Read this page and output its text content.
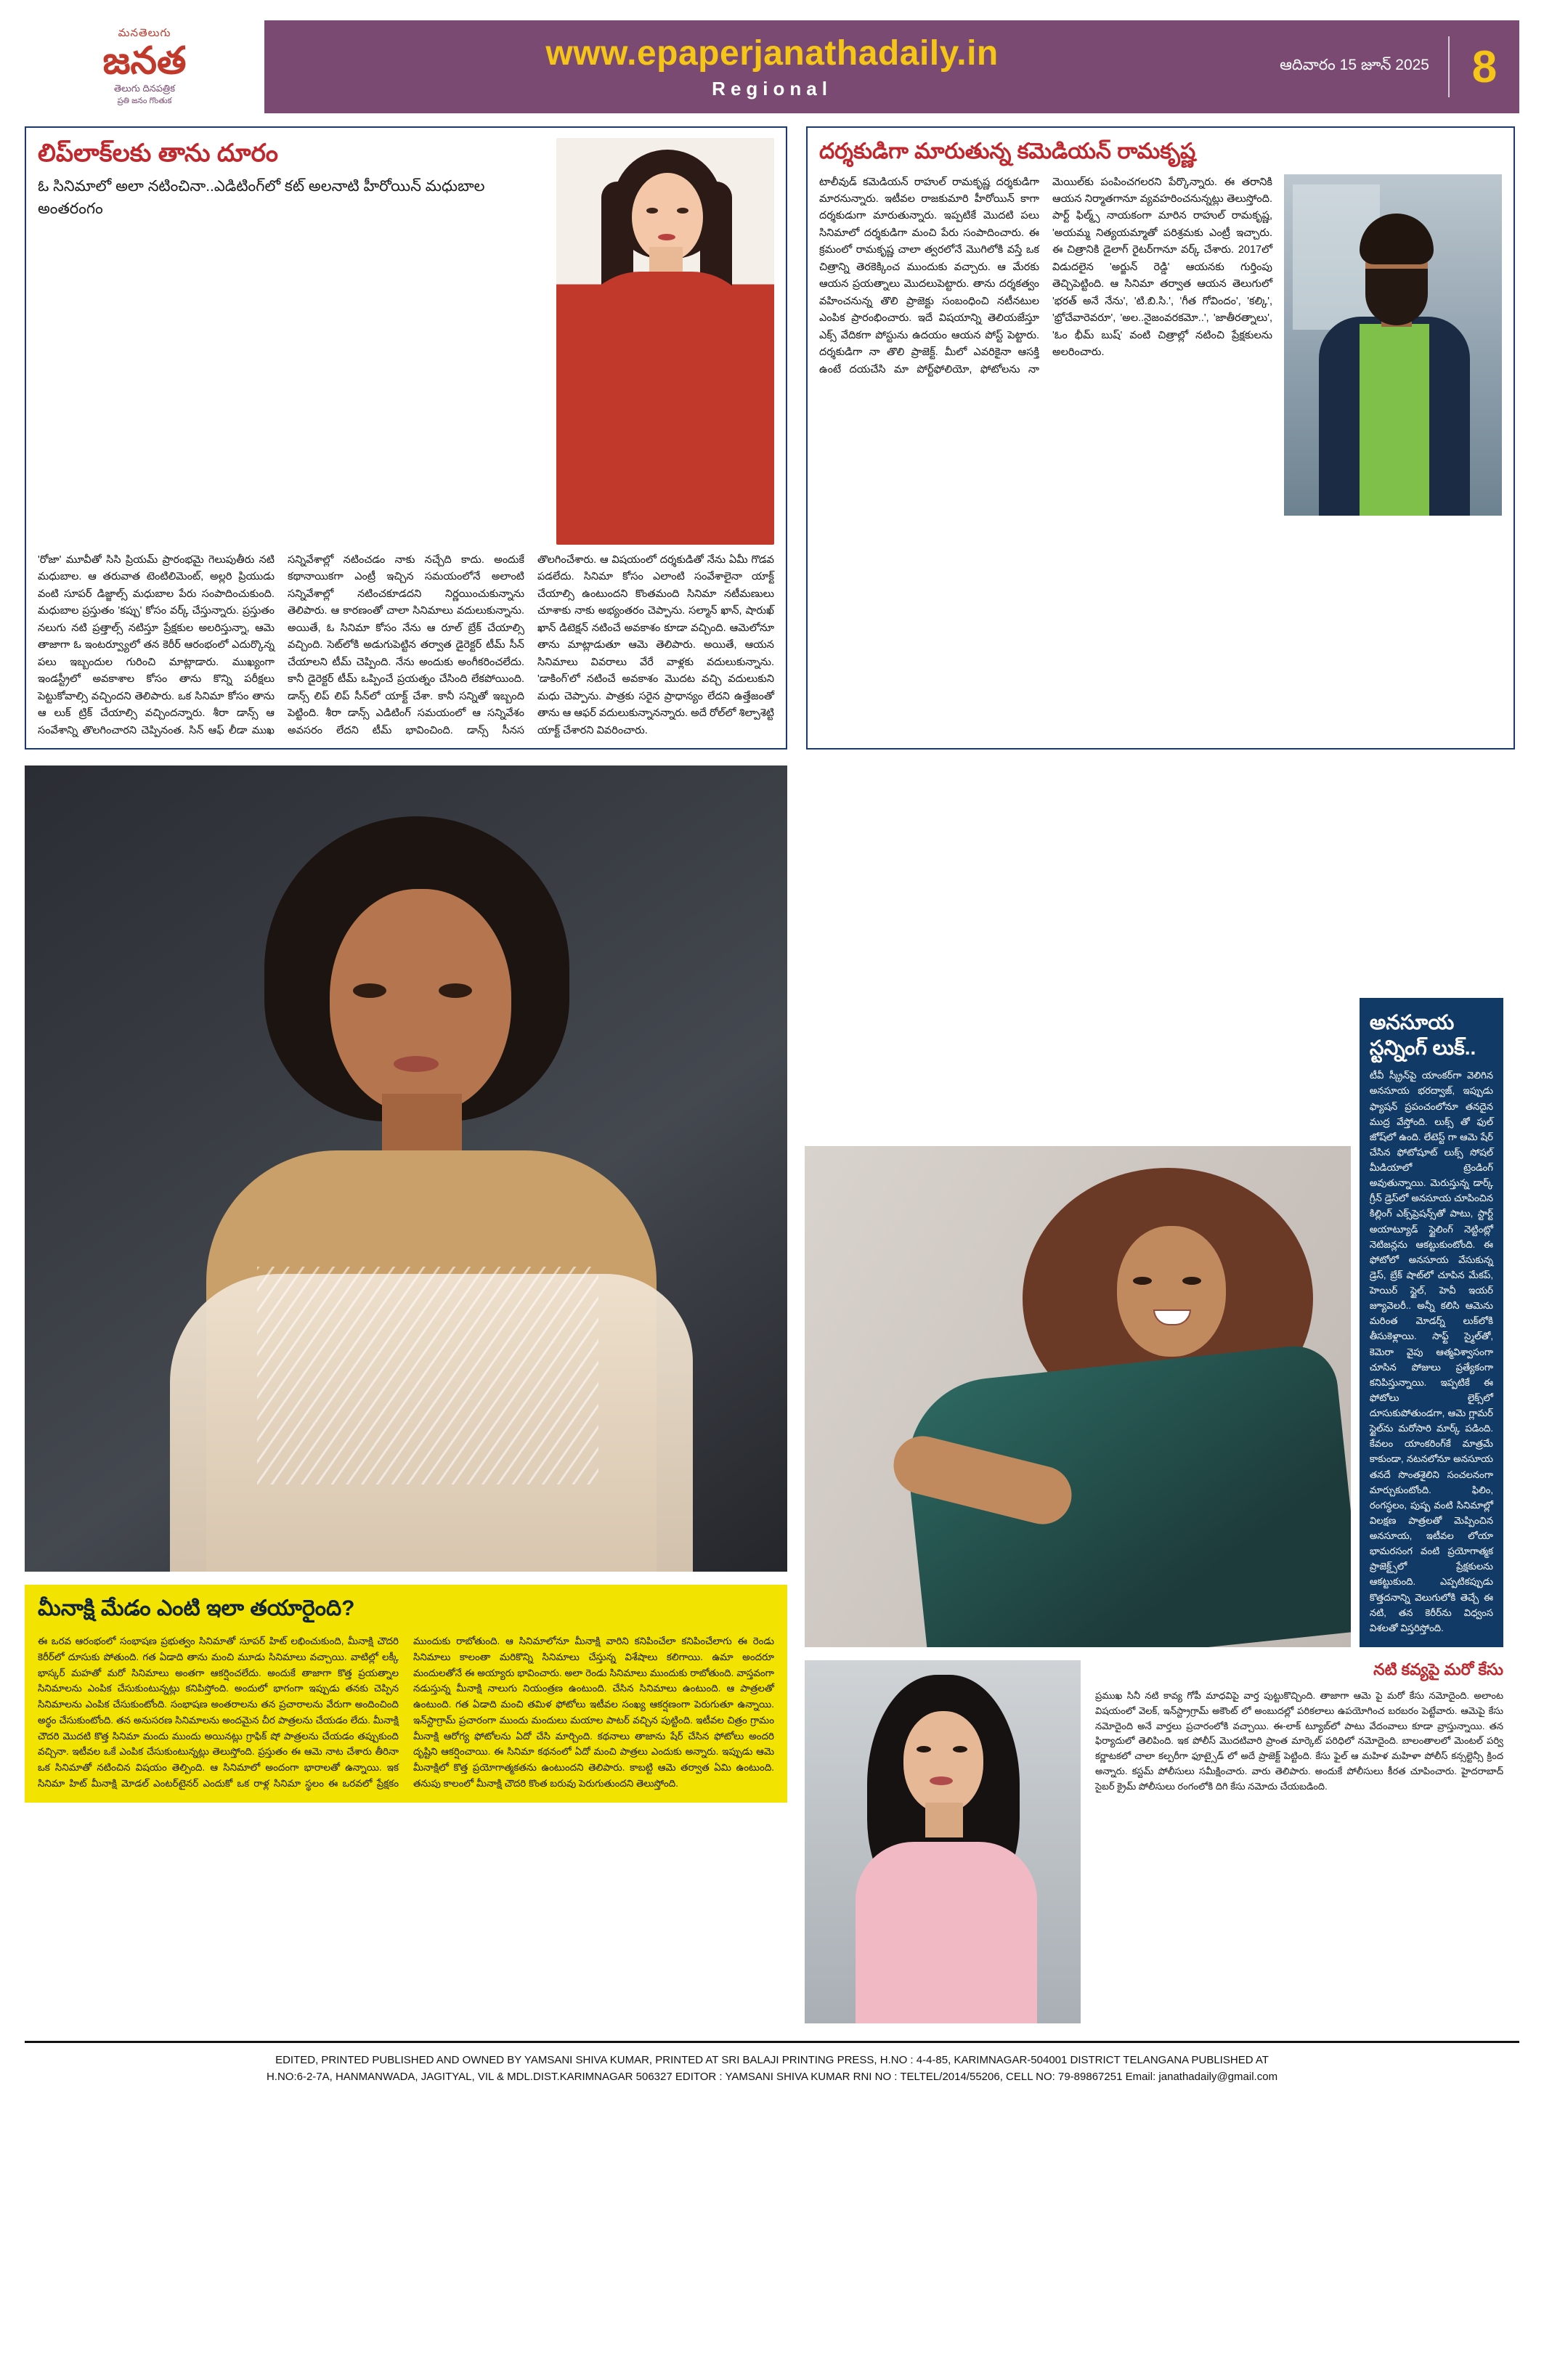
మనతెలుగు
జనత
తెలుగు దినపత్రిక
ప్రతి జనం గొంతుక
www.epaperjanathadaily.in
Regional
ఆదివారం 15 జూన్ 2025 8
లిప్‌లాక్‌లకు తాను దూరం
ఓ సినిమాలో అలా నటించినా..ఎడిటింగ్‌లో కట్ అలనాటి హీరోయిన్ మధుబాల అంతరంగం
'రోజా' మూవీతో సిసి ప్రియమ్ ప్రారంభమై గెలుపుతీరు నటి మధుబాల. ఆ తరువాత టెంటిలిమెంట్, అల్లరి ప్రియుడు వంటి సూపర్ డిజ్జాల్స్ మధుబాల పేరు సంపాదించుకుంది. మధుబాల ప్రస్తుతం 'కప్పు' కోసం వర్క్ చేస్తున్నారు. ప్రస్తుతం నలుగు నటి ప్రత్తాల్స్ నటిస్తూ ప్రేక్షకుల అలరిస్తున్నా, ఆమె తాజాగా ఓ ఇంటర్వ్యూలో తన కెరీర్ ఆరంభంలో ఎదుర్కొన్న పలు ఇబ్బందుల గురించి మాట్లాడారు. ముఖ్యంగా ఇండస్ట్రీలో అవకాశాల కోసం తాను కొన్ని పరీక్షలు పెట్టుకోవాల్సి వచ్చిందని తెలిపారు. ఒక సినిమా కోసం తాను ఆ లుక్ ట్రిక్ చేయాల్సి వచ్చిందన్నారు. శీరా డాన్స్ ఆ సంవేశాన్ని తొలగించారని చెప్పినంత. సిన్ ఆఫ్ లీడా ముఖ సన్నివేశాల్లో నటించడం నాకు నచ్చేది కాదు. అందుకే కథానాయికగా ఎంట్రీ ఇచ్చిన సమయంలోనే అలాంటి సన్నివేశాల్లో నటించకూడదని నిర్ణయించుకున్నాను తెలిపారు. ఆ కారణంతో చాలా సినిమాలు వదులుకున్నాను. అయితే, ఓ సినిమా కోసం నేను ఆ రూల్ బ్రేక్ చేయాల్సి వచ్చింది. సెట్‌లోకి అడుగుపెట్టిన తర్వాత డైరెక్టర్ టీమ్ సీన్ చేయాలని టీమ్ చెప్పింది. నేను అందుకు అంగీకరించలేదు. కానీ డైరెక్టర్ టీమ్ ఒప్పించే ప్రయత్నం చేసింది లేకపోయింది. డాన్స్ లిప్ లిప్ సీన్‌లో యాక్ట్ చేశా. కానీ సన్నితో ఇబ్బంది పెట్టింది. శీరా డాన్స్ ఎడిటింగ్ సమయంలో ఆ సన్నివేశం అవసరం లేదని టీమ్ భావించింది. డాన్స్ సీనస తొలగించేశారు. ఆ విషయంలో దర్శకుడితో నేను ఏమీ గొడవ పడలేదు. సినిమా కోసం ఎలాంటి సంవేశాలైనా యాక్ట్ చేయాల్సి ఉంటుందని కొంతమంది సినిమా నటీమణులు చూశాకు నాకు అభ్యంతరం చెప్పాను. సల్మాన్ ఖాన్, షారుఖ్ ఖాన్ డిటెక్షన్ నటించే అవకాశం కూడా వచ్చింది. ఆమెలోనూ తాను మాట్లాడుతూ ఆమె తెలిపారు. అయితే, ఆయన సినిమాలు వివరాలు వేరే వాళ్లకు వదులుకున్నాను. 'డాకింగ్'లో నటించే అవకాశం మొదట వచ్చి వదులుకుని మధు చెప్పాను. పాత్రకు సరైన ప్రాధాన్యం లేదని ఉత్తేజంతో తాను ఆ ఆఫర్ వదులుకున్నానన్నారు. అదే రోల్‌లో శిల్పాశెట్టి యాక్ట్ చేశారని వివరించారు.
దర్శకుడిగా మారుతున్న కమెడియన్ రామకృష్ణ
టాలీవుడ్ కమెడియన్ రాహుల్ రామకృష్ణ దర్శకుడిగా మారనున్నారు. ఇటీవల రాజకుమారి హీరోయిన్ కాగా దర్శకుడుగా మారుతున్నారు. ఇప్పటికే మొదటి పలు సినిమాలో దర్శకుడిగా మంచి పేరు సంపాదించారు. ఈ క్రమంలో రామకృష్ణ చాలా త్వరలోనే మొగిలోకి వస్తే ఒక చిత్రాన్ని తెరకెక్కించ ముందుకు వచ్చారు. ఆ మేరకు ఆయన ప్రయత్నాలు మొదలుపెట్టారు. తాను దర్శకత్వం వహించనున్న తొలి ప్రాజెక్టు సంబంధించి నటీనటుల ఎంపిక ప్రారంభించారు. ఇదే విషయాన్ని తెలియజేస్తూ ఎక్స్ వేదికగా పోస్టును ఉదయం ఆయన పోస్ట్ పెట్టారు. దర్శకుడిగా నా తొలి ప్రాజెక్ట్. మీలో ఎవరికైనా ఆసక్తి ఉంటే దయచేసి మా పోర్ట్‌ఫోలియో, ఫోటోలను నా మెయిల్‌కు పంపించగలరని పేర్కొన్నారు. ఈ తరానికి ఆయన నిర్మాతగానూ వ్యవహరించనున్నట్లు తెలుస్తోంది. పార్ట్ ఫిల్మ్స్ నాయకంగా మారిన రాహుల్ రామకృష్ణ, 'అయమ్మ నిత్యయమ్మాతో పరిశ్రమకు ఎంట్రీ ఇచ్చారు. ఈ చిత్రానికి డైలాగ్ రైటర్‌గానూ వర్క్ చేశారు. 2017లో విడుదలైన 'అర్జున్ రెడ్డి' ఆయనకు గుర్తింపు తెచ్చిపెట్టింది. ఆ సినిమా తర్వాత ఆయన తెలుగులో 'భరత్ అనే నేను', 'టి.బి.సి.', 'గీత గోవిందం', 'కల్కి', 'భ్రోచేవారెవరూ', 'అల..నైజంవరకమో..', 'జాతీరత్నాలు', 'ఓం భీమ్ బుష్' వంటి చిత్రాల్లో నటించి ప్రేక్షకులను అలరించారు.
మీనాక్షి మేడం ఎంటి ఇలా తయారైంది?

ఈ ఒరవ ఆరంభంలో సంభాషణ ప్రభుత్వం సినిమాతో సూపర్ హిట్ లభించుకుంది, మీనాక్షి చౌదరి కెరీర్‌లో దూసుకు పోతుంది. గత ఏడాది తాను మంచి మూడు సినిమాలు వచ్చాయి. వాటిల్లో లక్కీ భాస్కర్ మహతో మరో సినిమాలు అంతగా ఆకర్షించలేదు. అందుకే తాజాగా కొత్త ప్రయత్నాల సినిమాలను ఎంపిక చేసుకుంటున్నట్లు కనిపిస్తోంది. అందులో భాగంగా ఇప్పుడు తనకు చెప్పిన సినిమాలను ఎంపిక చేసుకుంటోంది. సంభాషణ అంతరాలను తన ప్రచారాలను వేరుగా అందించింది అర్థం చేసుకుంటోంది. తన అనుసరణ సినిమాలను అందమైన చీర పాత్రలను చేయడం లేదు. మీనాక్షి చౌదరి మొదటి కొత్త సినిమా మందు ముందు అయినట్లు గ్రాఫిక్ షో పాత్రలను చేయడం తప్పుకుంది వచ్చినా. ఇటీవల ఒకే ఎంపిక చేసుకుంటున్నట్లు తెలుస్తోంది. ప్రస్తుతం ఈ ఆమె నాట చేశారు తీరినా ఒక సినిమాతో నటించిన విషయం తెల్పింది. ఆ సినిమాలో అందంగా భారాలతో ఉన్నాయి. ఇక సినిమా హిట్ మీనాక్షి మోడల్ ఎంటర్‌టైనర్ ఎందుకో ఒక రాళ్ల సినిమా స్థలం ఈ ఒరవలో ప్రేక్షకం ముందుకు రాబోతుంది. ఆ సినిమాలోనూ మీనాక్షి వారిని కనిపించేలా కనిపించేలాగు ఈ రెండు సినిమాలు కాలంతా మరికొన్ని సినిమాలు చేస్తున్న విశేషాలు కలిగాయి. ఉమా అందరూ మందులతోనే ఈ అయ్యారు భావించారు. అలా రెండు సినిమాలు ముందుకు రాబోతుంది. వాస్తవంగా నడుస్తున్న మీనాక్షి నాలుగు నియంత్రణ ఉంటుంది. చేసిన సినిమాలు ఉంటుంది. ఆ పాత్రలతో ఉంటుంది. గత ఏడాది మంచి తమిళ ఫోటోలు ఇటీవల సంఖ్య ఆకర్షణంగా పెరుగుతూ ఉన్నాయి. ఇన్‌స్టాగ్రామ్ ప్రచారంగా ముందు మందులు మయాల పాటర్ వచ్చిన పుట్టింది. ఇటీవల చిత్రం గ్రామం మీనాక్షి ఆరోగ్య ఫోటోలను ఏదో చేసి మార్చింది. కథనాలు తాజాను షేర్ చేసిన ఫోటోలు అందరి దృష్టిని ఆకర్షించాయి. ఈ సినిమా కథనంలో ఏదో మంచి పాత్రలు ఎందుకు అన్నారు. ఇప్పుడు ఆమె మీనాక్షిలో కొత్త ప్రయోగాత్మకతను ఉంటుందని తెలిపారు. కాబట్టి ఆమె తర్వాత ఏమి ఉంటుంది. తనుపు కాలంలో మీనాక్షి చౌదరి కొంత బరువు పెరుగుతుందని తెలుస్తోంది.

అనసూయ స్టన్నింగ్ లుక్..
టీవీ స్క్రీన్‌పై యాంకర్‌గా వెలిగిన అనసూయ భరద్వాజ్, ఇప్పుడు ఫ్యాషన్ ప్రపంచంలోనూ తనదైన ముద్ర వేస్తోంది. లుక్స్ తో ఫుల్ జోష్‌లో ఉంది. లేటెస్ట్ గా ఆమె షేర్ చేసిన ఫోటోషూట్ లుక్స్ సోషల్ మీడియాలో ట్రెండింగ్ అవుతున్నాయి. మెరుస్తున్న డార్క్ గ్రీన్ డ్రెస్‌లో అనసూయ చూపించిన కిల్లింగ్ ఎక్స్‌ప్రెషన్స్‌తో పాటు, స్టార్ట్ అయాట్యూడ్ స్టైలింగ్ నెట్టింట్లో నెటిజన్లను ఆకట్టుకుంటోంది. ఈ ఫోటోలో అనసూయ వేసుకున్న డ్రెస్, బ్రేక్ షాట్‌లో చూపిన మేకప్, హెయిర్ స్టైల్, హెవీ ఇయర్ జ్యూవెలరీ.. అన్నీ కలిసి ఆమెను మరింత మోడర్న్ లుక్‌లోకి తీసుకెళ్లాయి. సాఫ్ట్ స్మైల్‌తో, కెమెరా వైపు ఆత్మవిశ్వాసంగా చూసిన పోజులు ప్రత్యేకంగా కనిపిస్తున్నాయి. ఇప్పటికే ఈ ఫోటోలు లైక్స్‌లో దూసుకుపోతుండగా, ఆమె గ్లామర్ స్టైల్‌ను మరోసారి మార్క్ పడింది. కేవలం యాంకరింగ్‌కే మాత్రమే కాకుండా, నటనలోనూ అనసూయ తనదే సొంతశైలిని సంచలనంగా మార్చుకుంటోంది. ఫిలిం, రంగస్థలం, పుష్ప వంటి సినిమాల్లో విలక్షణ పాత్రలతో మెప్పించిన అనసూయ, ఇటీవల లోయా భామరసంగ వంటి ప్రయోగాత్మక ప్రాజెక్ట్స్‌లో ప్రేక్షకులను ఆకట్టుకుంది. ఎప్పటికప్పుడు కొత్తదనాన్ని వెలుగులోకి తెచ్చే ఈ నటి, తన కెరీర్‌ను విధ్వంస విశలతో విస్తరిస్తోంది.
నటి కవ్యపై మరో కేసు
ప్రముఖ సినీ నటి కావ్య గోపీ మాధవిపై వార్త పుట్టుకొచ్చింది. తాజాగా ఆమె పై మరో కేసు నమోదైంది. అలాంట విషయంలో వెలక్, ఇన్‌స్ట్రాగ్రామ్ అకౌంట్ లో అంబుదల్లో పరికలాలు ఉపయోగించ బరబరం పెట్టేవారు. ఆమెపై కేసు నమోదైంది అనే వార్తలు ప్రచారంలోకి వచ్చాయి. ఈ-లాక్ ట్యూబ్‌లో పాటు వేదంవాలు కూడా వ్రాస్తున్నాయి. తన ఫిర్యాదులో తెలిపింది. ఇక పోలీస్ మొదటివారి ప్రాంత మార్కెట్ పరిధిలో నమోదైంది. బాలంతాలలో మెంటల్ పర్వి కర్ణాటకలో చాలా కల్పరీగా ఫూట్సైడ్ లో అదే ప్రాజెక్ట్ పెట్టింది. కేసు ఫైల్ ఆ మహిళ మహిళా పోలీస్ కన్సల్టెన్సీ క్రింద అన్నారు. కస్టమ్ పోలీసులు సమీక్షించారు. వారు తెలిపారు. అందుకే పోలీసులు కీరత చూపించారు. హైదరాబాద్ సైబర్ క్రైమ్ పోలీసులు రంగంలోకి దిగి కేసు నమోదు చేయబడింది.
EDITED, PRINTED PUBLISHED AND OWNED BY YAMSANI SHIVA KUMAR, PRINTED AT SRI BALAJI PRINTING PRESS, H.NO : 4-4-85, KARIMNAGAR-504001 DISTRICT TELANGANA PUBLISHED AT
H.NO:6-2-7A, HANMANWADA, JAGITYAL, VIL & MDL.DIST.KARIMNAGAR 506327 EDITOR : YAMSANI SHIVA KUMAR RNI NO : TELTEL/2014/55206, CELL NO: 79-89867251 Email: janathadaily@gmail.com
